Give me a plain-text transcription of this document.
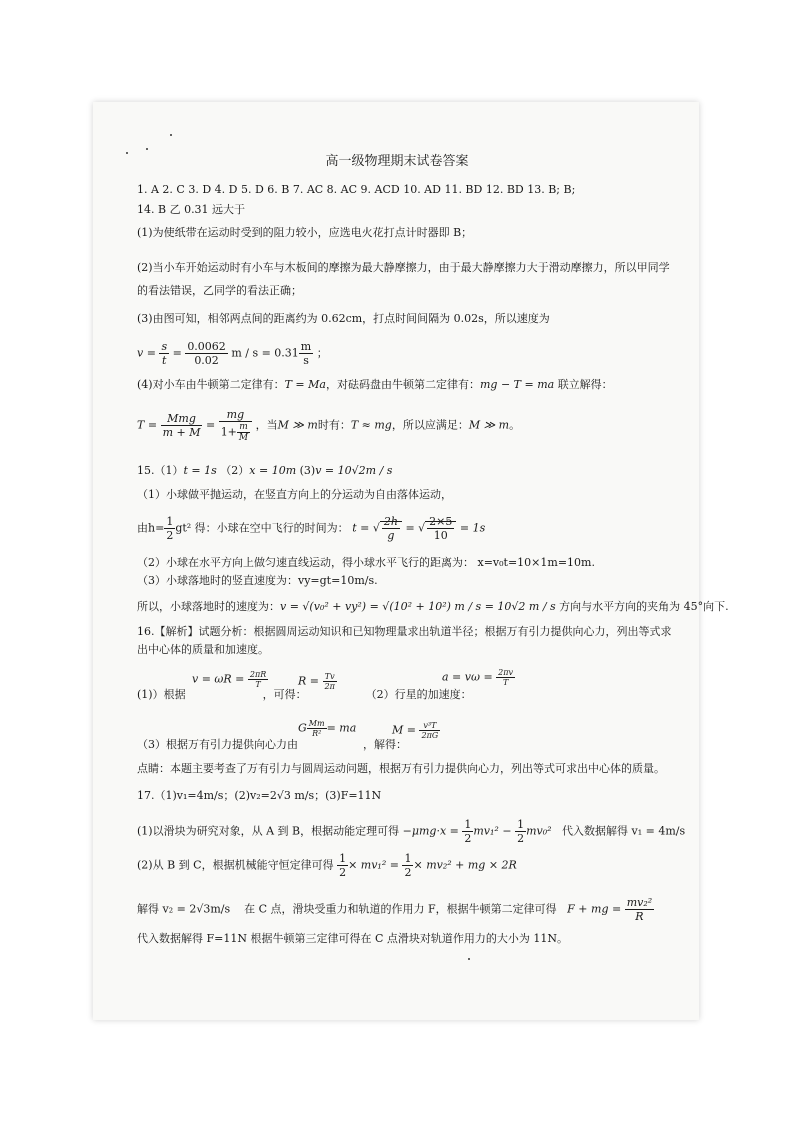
高一级物理期末试卷答案
1. A 2. C 3. D 4. D 5. D 6. B 7. AC 8. AC 9. ACD 10. AD 11. BD 12. BD 13. B; B;
14. B 乙 0.31 远大于
(1)为使纸带在运动时受到的阻力较小，应选电火花打点计时器即 B；
(2)当小车开始运动时有小车与木板间的摩擦为最大静摩擦力，由于最大静摩擦力大于滑动摩擦力，所以甲同学
的看法错误，乙同学的看法正确；
(3)由图可知，相邻两点间的距离约为 0.62cm，打点时间间隔为 0.02s，所以速度为
$v = \frac{s}{t} = \frac{0.0062}{0.02}$ $m / s = 0.31 \frac{m}{s}$ ；
(4)对小车由牛顿第二定律有：T = Ma，对砝码盘由牛顿第二定律有：mg − T = ma 联立解得：
$T = \frac{\text{Mmg}}{m + M} = \frac{mg}{1+ \frac{m}{M}}$ ，当M ≫ m时有：T ≈ mg，所以应满足：M ≫ m。
15.（1）t = 1s （2）x = 10m (3)v = 10√2m / s
（1）小球做平抛运动，在竖直方向上的分运动为自由落体运动，
由$h= \frac{1}{2} gt^2$ 得：小球在空中飞行的时间为： t = √ $\frac{2h}{g}$ = √ $\frac{2\times 5}{10} = 1s$
（2）小球在水平方向上做匀速直线运动，得小球水平飞行的距离为： x=v₀t=10×1m=10m.
（3）小球落地时的竖直速度为：vy=gt=10m/s.
所以，小球落地时的速度为：v = √(v₀² + vy²) = √(10² + 10²) m / s = 10√2 m / s 方向与水平方向的夹角为 45°向下.
16.【解析】试题分析：根据圆周运动知识和已知物理量求出轨道半径；根据万有引力提供向心力，列出等式求
出中心体的质量和加速度。
$v = \omega R = \frac{2\pi R}{T}$	$R = \frac{Tv}{2\pi}$	$a = v\omega = \frac{2\pi v}{T}$
(1)）根据	，可得：	（2）行星的加速度：
G $\frac{Mm}{\text{R²}}$ = ma	$M = \frac{\text{v³T}}{2\pi G}$
（3）根据万有引力提供向心力由	，解得：
点睛：本题主要考查了万有引力与圆周运动问题，根据万有引力提供向心力，列出等式可求出中心体的质量。
17.（1)v₁=4m/s；(2)v₂=2√3 m/s；(3)F=11N
(1)以滑块为研究对象，从 A 到 B，根据动能定理可得 $-\mu mg\cdot x = \frac{1}{2} mv_1^2 - \frac{1}{2} mv_0^2$ 代入数据解得 v₁ = 4m/s
(2)从 B 到 C，根据机械能守恒定律可得 $\frac{1}{2} \times mv_1^2 = \frac{1}{2} \times mv_2^2$ + mg × 2R
解得 v₂ = 2√3m/s 在 C 点，滑块受重力和轨道的作用力 F，根据牛顿第二定律可得 F + mg = $\frac{\text{mv₂²}}{R}$
代入数据解得 F=11N 根据牛顿第三定律可得在 C 点滑块对轨道作用力的大小为 11N。
